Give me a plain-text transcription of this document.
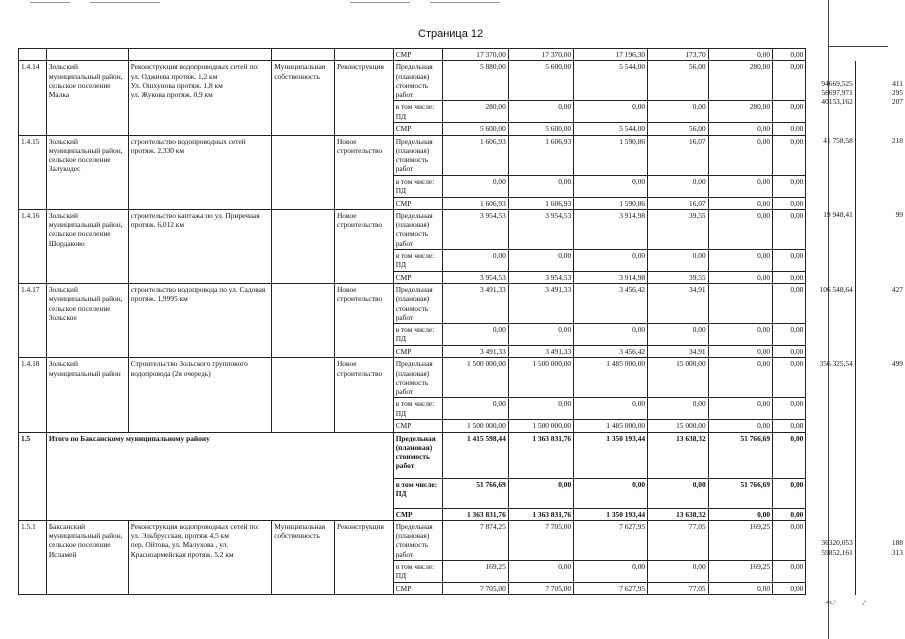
Страница 12
					СМР	17 370,00	17 370,00	17 196,30	173,70	0,00	0,00		
1.4.14	Зольский муниципальный район, сельское поселение Малка	Реконструкция водопроводных сетей по:
ул. Оджиева протяж. 1,2 км
Ул. Ошхунова протяж. 1,8 км
ул. Жукова протяж. 0,9 км	Муниципальная собственность	Реконструкция	Предельная (плановая) стоимость работ	5 880,00	5 600,00	5 544,00	56,00	280,00	0,00	94669,525
56697,971
40153,162	411
295
207
					в том числе: ПД	280,00	0,00	0,00	0,00	280,00	0,00		
					СМР	5 600,00	5 600,00	5 544,00	56,00	0,00	0,00		
1.4.15	Зольский муниципальный район, сельское поселение Залукодес	строительство водопроводных сетей протяж. 2,330 км		Новое строительство	Предельная (плановая) стоимость работ	1 606,93	1 606,93	1 590,86	16,07	0,00	0,00	41 758,58	218
					в том числе: ПД	0,00	0,00	0,00	0,00	0,00	0,00		
					СМР	1 606,93	1 606,93	1 590,86	16,07	0,00	0,00		
1.4.16	Зольский муниципальный район, сельское поселение Шордаково	строительство каптажа по ул. Приречная протяж. 6,012 км		Новое строительство	Предельная (плановая) стоимость работ	3 954,53	3 954,53	3 914,98	39,55	0,00	0,00	19 948,41	99
					в том числе: ПД	0,00	0,00	0,00	0,00	0,00	0,00		
					СМР	3 954,53	3 954,53	3 914,98	39,55	0,00	0,00		
1.4.17	Зольский муниципальный район, сельское поселение Зольское	строительство водопровода по ул. Садовая протяж. 1,9995 км		Новое строительство	Предельная (плановая) стоимость работ	3 491,33	3 491,33	3 456,42	34,91		0,00	106 548,64	427
					в том числе: ПД	0,00	0,00	0,00	0,00	0,00	0,00		
					СМР	3 491,33	3 491,33	3 456,42	34,91	0,00	0,00		
1.4.18	Зольский муниципальный район	Строительство Зольского группового водопровода (2я очередь)		Новое строительство	Предельная (плановая) стоимость работ	1 500 000,00	1 500 000,00	1 485 000,00	15 000,00	0,00	0,00	356 325,54	499
					в том числе: ПД	0,00	0,00	0,00	0,00	0,00	0,00		
					СМР	1 500 000,00	1 500 000,00	1 485 000,00	15 000,00	0,00	0,00		
1.5	Итого по Баксанскому муниципальному району				Предельная (плановая) стоимость работ	1 415 598,44	1 363 831,76	1 350 193,44	13 638,32	51 766,69	0,00		
					в том числе: ПД	51 766,69	0,00	0,00	0,00	51 766,69	0,00		
					СМР	1 363 831,76	1 363 831,76	1 350 193,44	13 638,32	0,00	0,00		
1.5.1	Баксанский муниципальный район, сельское поселение Исламей	Реконструкция водопроводных сетей по:
ул. Эльбрусская, протяж 4,5 км
пер. Ойтова, ул. Малухова , ул.
Красноармейская протяж. 5,2 км	Муниципальная собственность	Реконструкция	Предельная (плановая) стоимость работ	7 874,25	7 705,00	7 627,95	77,05	169,25	0,00	36320,053
59852,161	188
313
					в том числе: ПД	169,25	0,00	0,00	0,00	169,25	0,00		
					СМР	7 705,00	7 705,00	7 627,95	77,05	0,00	0,00		
4х₁ʸ	₉ᵉ
